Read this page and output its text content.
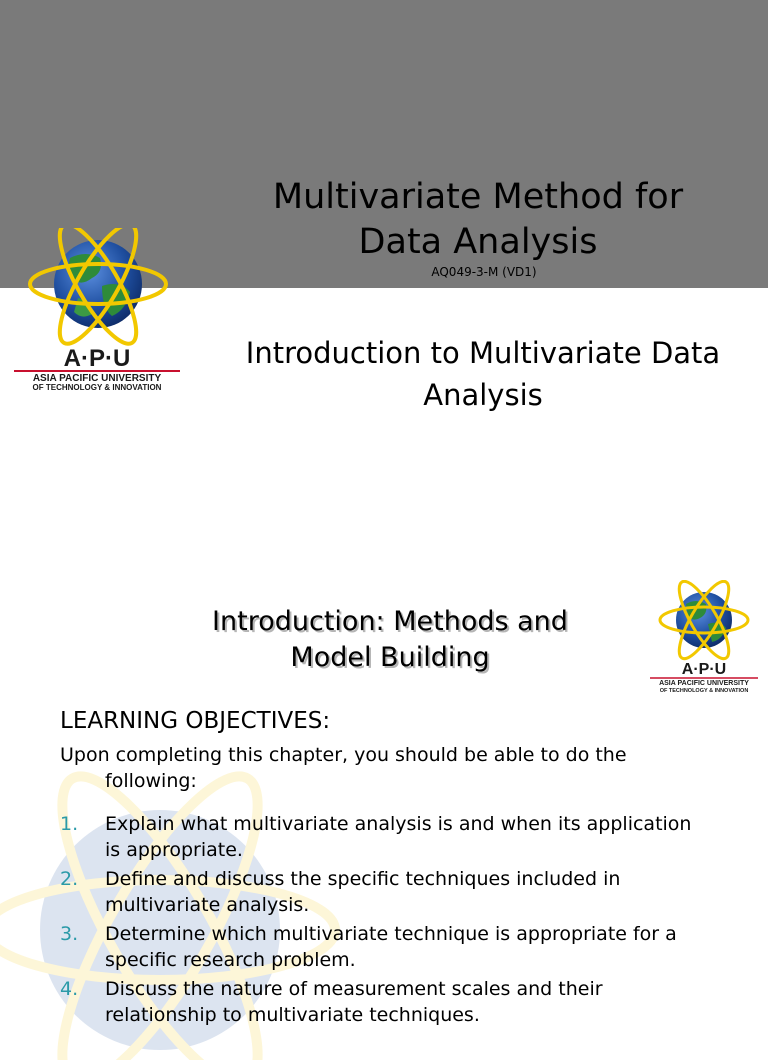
Multivariate Method for Data Analysis
AQ049-3-M (VD1)
Introduction to Multivariate Data Analysis
A·P·U
ASIA PACIFIC UNIVERSITY
OF TECHNOLOGY & INNOVATION
Introduction: Methods and Model Building	A·P·U
ASIA PACIFIC UNIVERSITY
OF TECHNOLOGY & INNOVATION
LEARNING OBJECTIVES:
Upon completing this chapter, you should be able to do the
following:
1. Explain what multivariate analysis is and when its application is appropriate.
2. Define and discuss the specific techniques included in multivariate analysis.
3. Determine which multivariate technique is appropriate for a specific research problem.
4. Discuss the nature of measurement scales and their relationship to multivariate techniques.
